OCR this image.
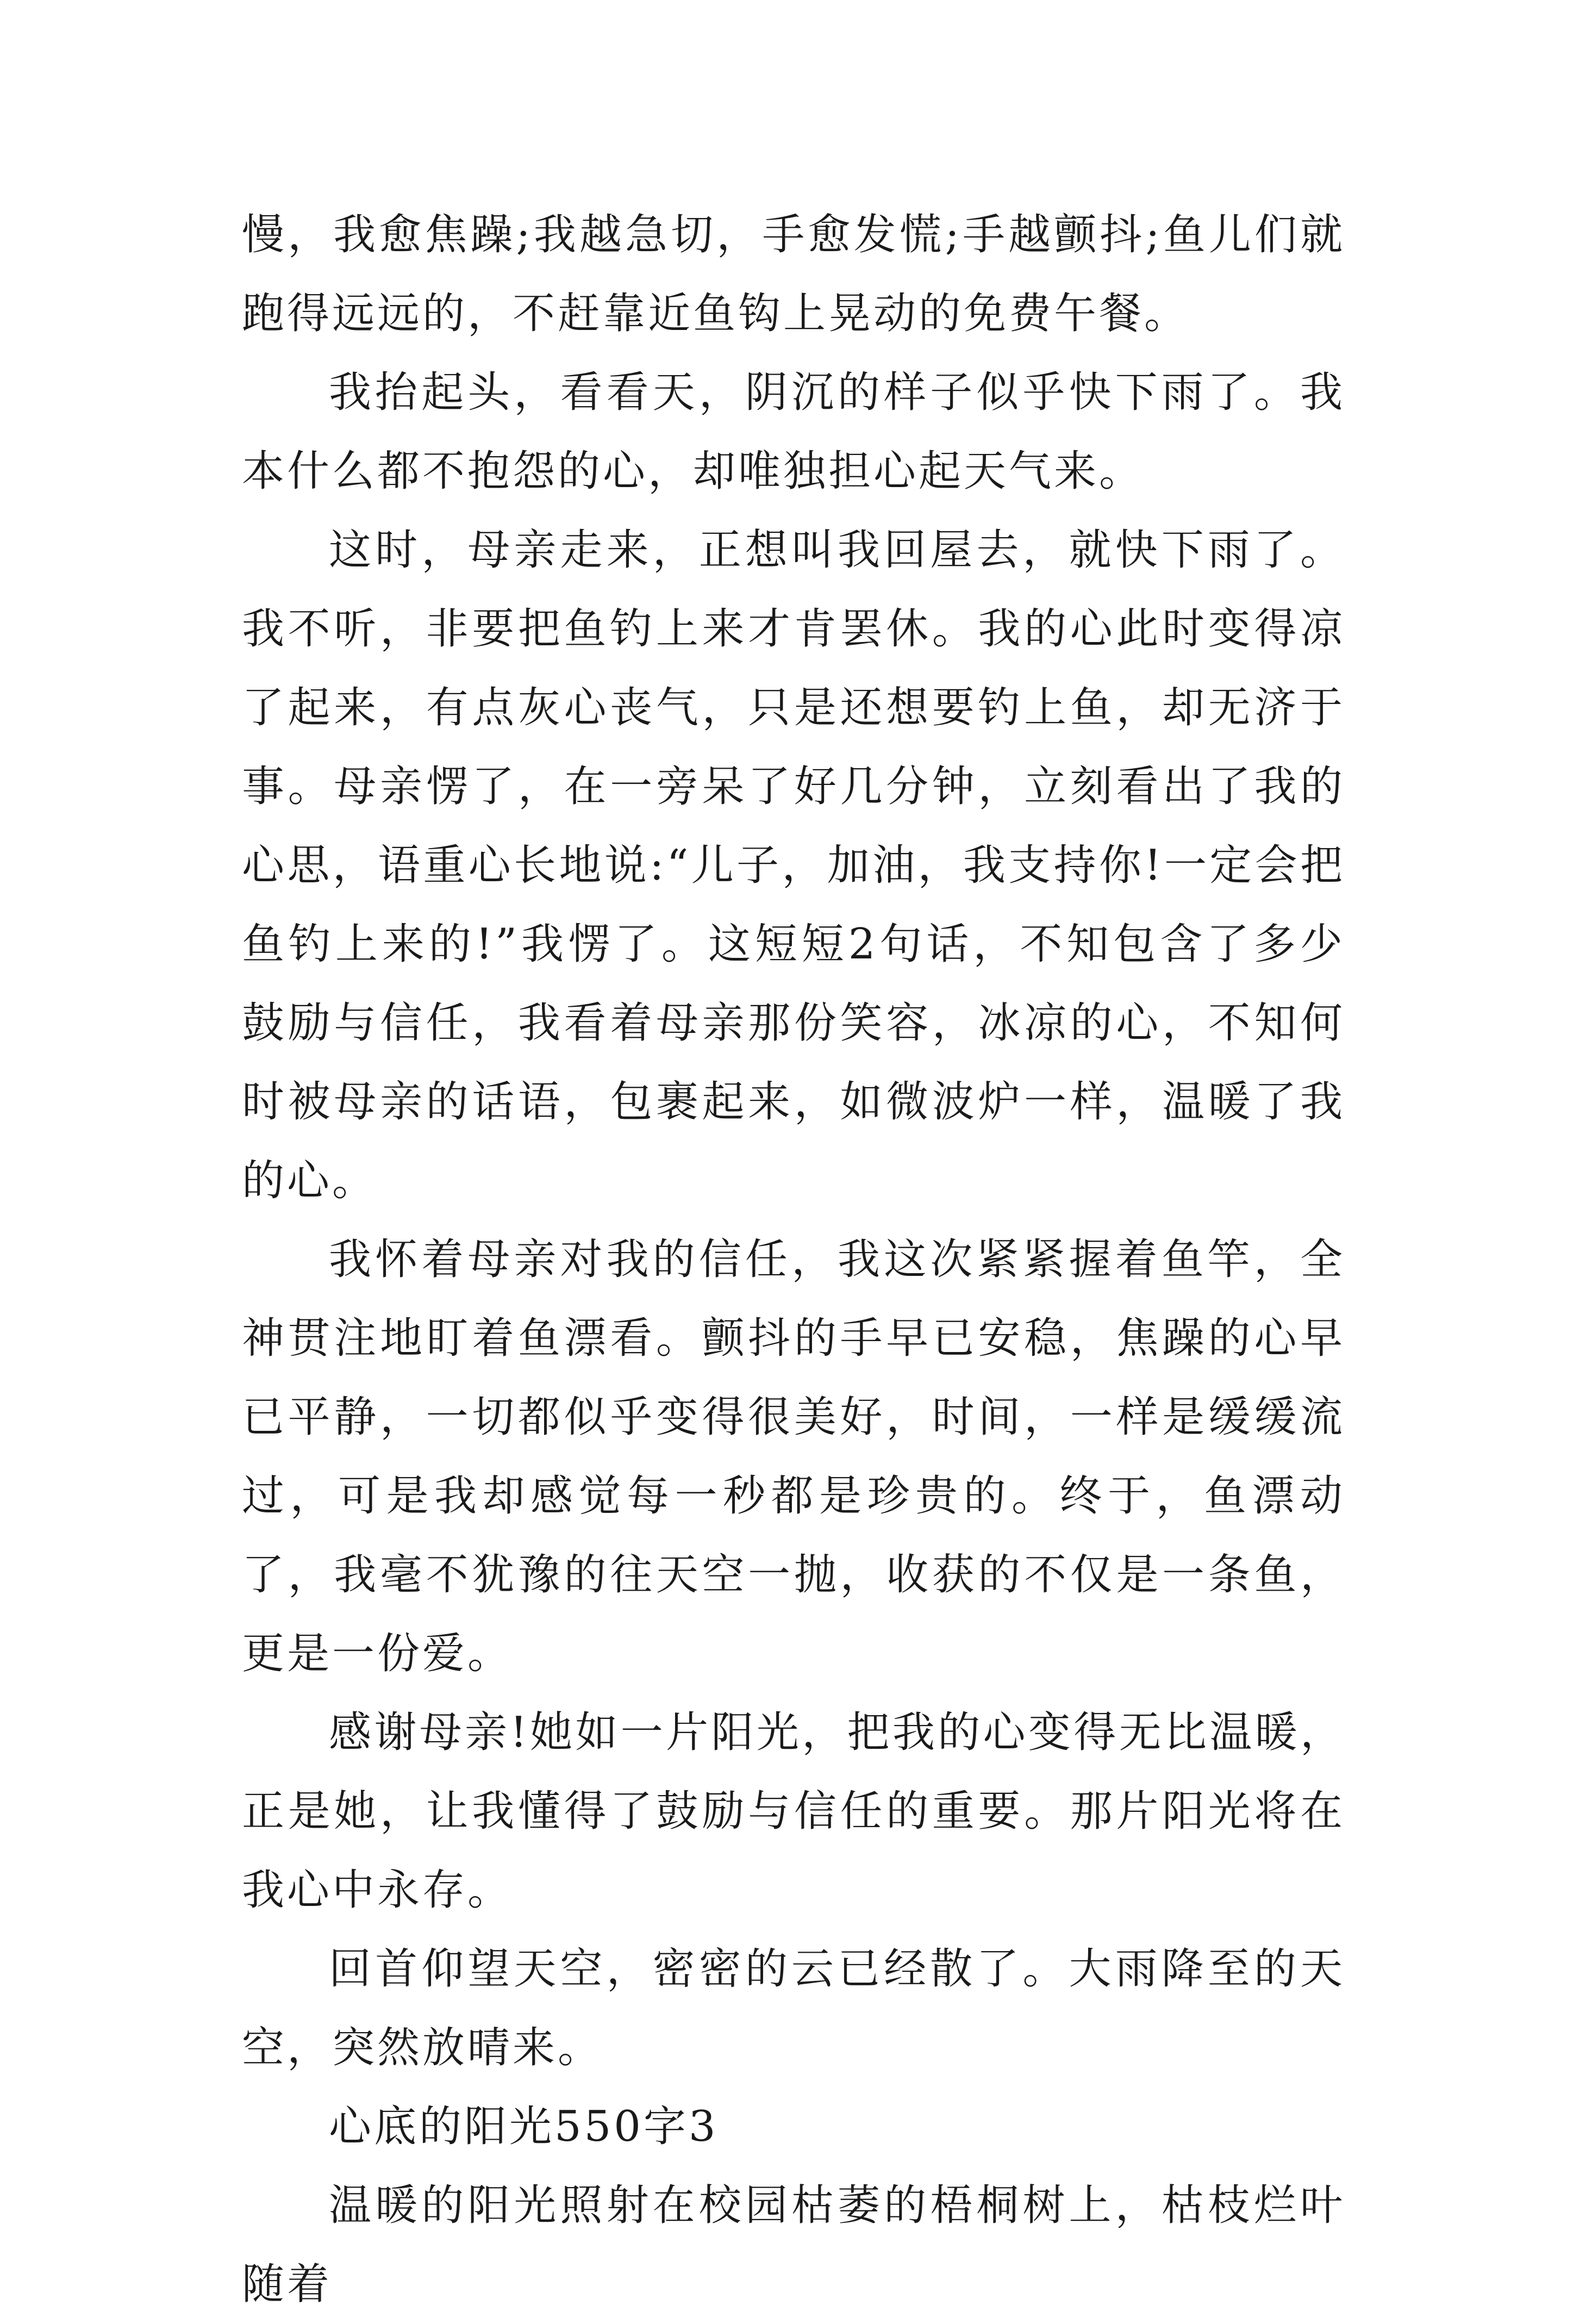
慢，我愈焦躁;我越急切，手愈发慌;手越颤抖;鱼儿们就跑得远远的，不赶靠近鱼钩上晃动的免费午餐。

我抬起头，看看天，阴沉的样子似乎快下雨了。我本什么都不抱怨的心，却唯独担心起天气来。

这时，母亲走来，正想叫我回屋去，就快下雨了。我不听，非要把鱼钓上来才肯罢休。我的心此时变得凉了起来，有点灰心丧气，只是还想要钓上鱼，却无济于事。母亲愣了，在一旁呆了好几分钟，立刻看出了我的心思，语重心长地说:“儿子，加油，我支持你!一定会把鱼钓上来的!”我愣了。这短短2句话，不知包含了多少鼓励与信任，我看着母亲那份笑容，冰凉的心，不知何时被母亲的话语，包裹起来，如微波炉一样，温暖了我的心。

我怀着母亲对我的信任，我这次紧紧握着鱼竿，全神贯注地盯着鱼漂看。颤抖的手早已安稳，焦躁的心早已平静，一切都似乎变得很美好，时间，一样是缓缓流过，可是我却感觉每一秒都是珍贵的。终于，鱼漂动了，我毫不犹豫的往天空一抛，收获的不仅是一条鱼，更是一份爱。

感谢母亲!她如一片阳光，把我的心变得无比温暖，正是她，让我懂得了鼓励与信任的重要。那片阳光将在我心中永存。

回首仰望天空，密密的云已经散了。大雨降至的天空，突然放晴来。

心底的阳光550字3

温暖的阳光照射在校园枯萎的梧桐树上，枯枝烂叶随着
